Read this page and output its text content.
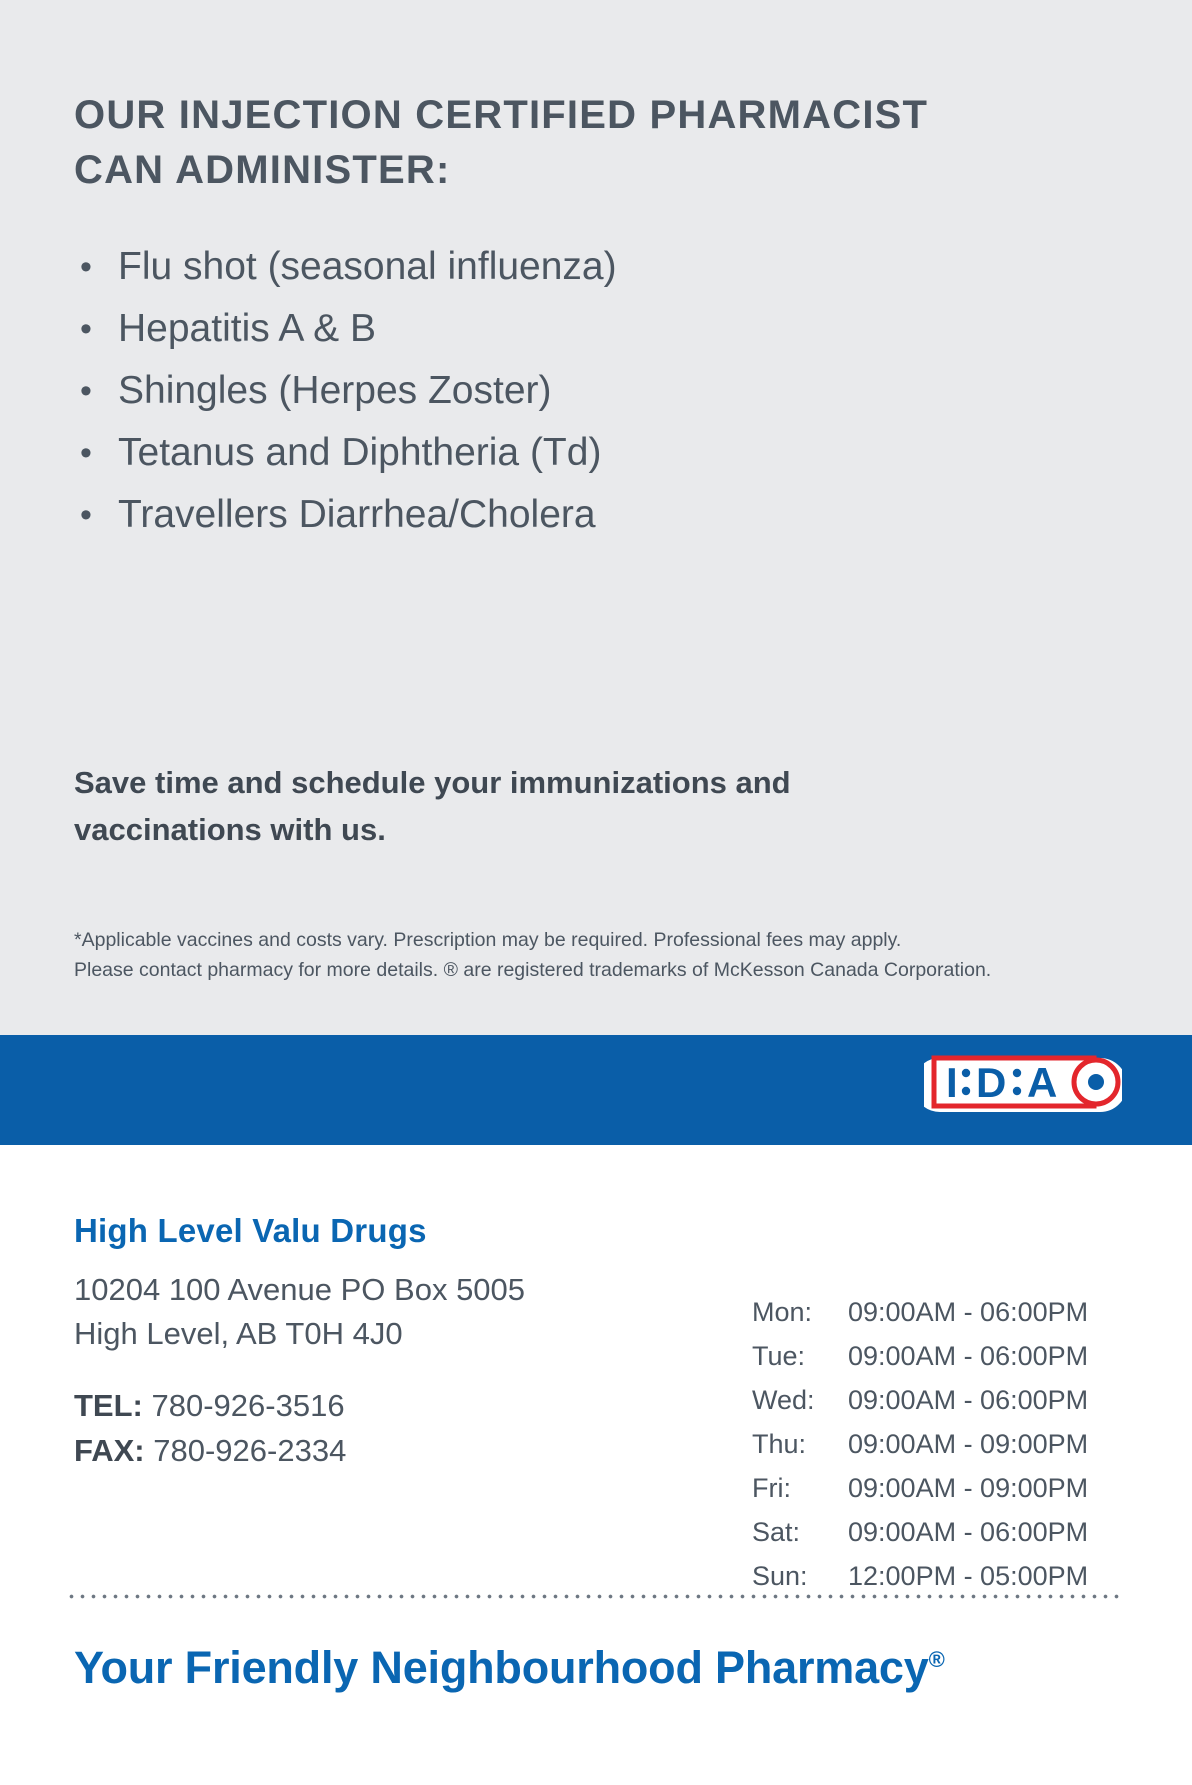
OUR INJECTION CERTIFIED PHARMACIST CAN ADMINISTER:
• Flu shot (seasonal influenza)
• Hepatitis A & B
• Shingles (Herpes Zoster)
• Tetanus and Diphtheria (Td)
• Travellers Diarrhea/Cholera
Save time and schedule your immunizations and vaccinations with us.
*Applicable vaccines and costs vary. Prescription may be required. Professional fees may apply.
Please contact pharmacy for more details. ® are registered trademarks of McKesson Canada Corporation.
I D A
High Level Valu Drugs
10204 100 Avenue PO Box 5005
High Level, AB T0H 4J0
TEL: 780-926-3516
FAX: 780-926-2334
Mon:	09:00AM - 06:00PM
Tue:	09:00AM - 06:00PM
Wed:	09:00AM - 06:00PM
Thu:	09:00AM - 09:00PM
Fri:	09:00AM - 09:00PM
Sat:	09:00AM - 06:00PM
Sun:	12:00PM - 05:00PM
Your Friendly Neighbourhood Pharmacy®
